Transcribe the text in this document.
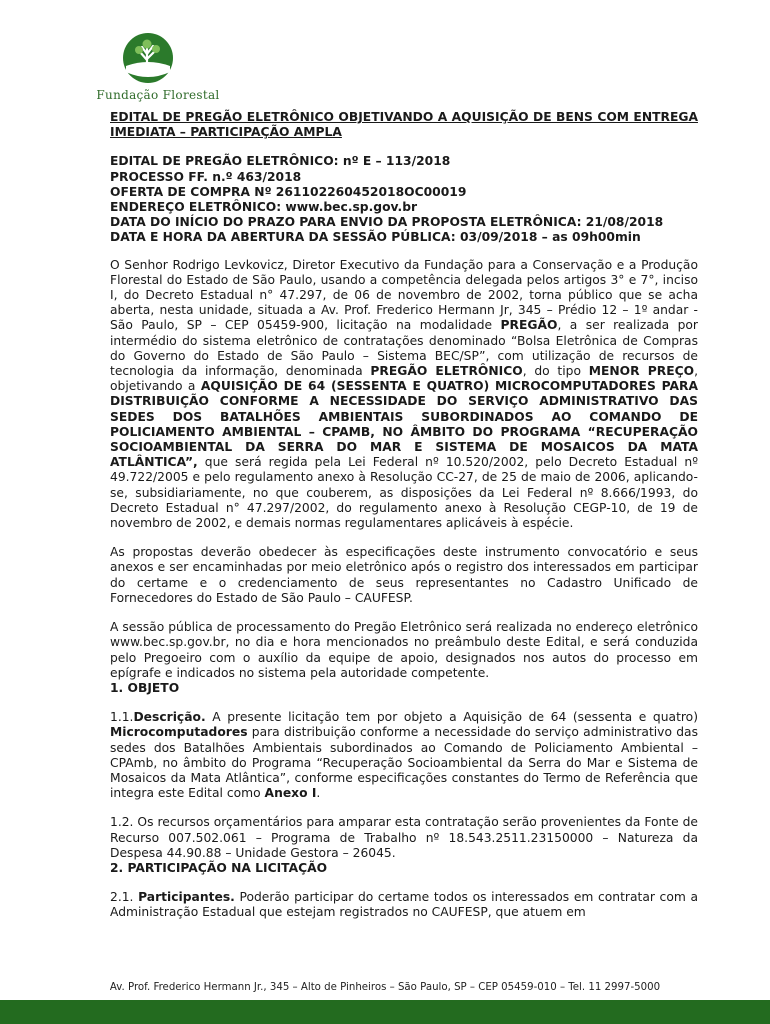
Fundação Florestal

EDITAL DE PREGÃO ELETRÔNICO OBJETIVANDO A AQUISIÇÃO DE BENS COM ENTREGA IMEDIATA – PARTICIPAÇÃO AMPLA

EDITAL DE PREGÃO ELETRÔNICO: nº E – 113/2018
PROCESSO FF. n.º 463/2018
OFERTA DE COMPRA Nº 261102260452018OC00019
ENDEREÇO ELETRÔNICO: www.bec.sp.gov.br
DATA DO INÍCIO DO PRAZO PARA ENVIO DA PROPOSTA ELETRÔNICA: 21/08/2018
DATA E HORA DA ABERTURA DA SESSÃO PÚBLICA: 03/09/2018 – as 09h00min

O Senhor Rodrigo Levkovicz, Diretor Executivo da Fundação para a Conservação e a Produção Florestal do Estado de São Paulo, usando a competência delegada pelos artigos 3° e 7°, inciso I, do Decreto Estadual n° 47.297, de 06 de novembro de 2002, torna público que se acha aberta, nesta unidade, situada a Av. Prof. Frederico Hermann Jr, 345 – Prédio 12 – 1º andar - São Paulo, SP – CEP 05459-900, licitação na modalidade PREGÃO, a ser realizada por intermédio do sistema eletrônico de contratações denominado “Bolsa Eletrônica de Compras do Governo do Estado de São Paulo – Sistema BEC/SP”, com utilização de recursos de tecnologia da informação, denominada PREGÃO ELETRÔNICO, do tipo MENOR PREÇO, objetivando a AQUISIÇÃO DE 64 (SESSENTA E QUATRO) MICROCOMPUTADORES PARA DISTRIBUIÇÃO CONFORME A NECESSIDADE DO SERVIÇO ADMINISTRATIVO DAS SEDES DOS BATALHÕES AMBIENTAIS SUBORDINADOS AO COMANDO DE POLICIAMENTO AMBIENTAL – CPAMB, NO ÂMBITO DO PROGRAMA “RECUPERAÇÃO SOCIOAMBIENTAL DA SERRA DO MAR E SISTEMA DE MOSAICOS DA MATA ATLÂNTICA”, que será regida pela Lei Federal nº 10.520/2002, pelo Decreto Estadual nº 49.722/2005 e pelo regulamento anexo à Resolução CC-27, de 25 de maio de 2006, aplicando-se, subsidiariamente, no que couberem, as disposições da Lei Federal nº 8.666/1993, do Decreto Estadual n° 47.297/2002, do regulamento anexo à Resolução CEGP-10, de 19 de novembro de 2002, e demais normas regulamentares aplicáveis à espécie.

As propostas deverão obedecer às especificações deste instrumento convocatório e seus anexos e ser encaminhadas por meio eletrônico após o registro dos interessados em participar do certame e o credenciamento de seus representantes no Cadastro Unificado de Fornecedores do Estado de São Paulo – CAUFESP.

A sessão pública de processamento do Pregão Eletrônico será realizada no endereço eletrônico www.bec.sp.gov.br, no dia e hora mencionados no preâmbulo deste Edital, e será conduzida pelo Pregoeiro com o auxílio da equipe de apoio, designados nos autos do processo em epígrafe e indicados no sistema pela autoridade competente.

1. OBJETO

1.1.Descrição. A presente licitação tem por objeto a Aquisição de 64 (sessenta e quatro) Microcomputadores para distribuição conforme a necessidade do serviço administrativo das sedes dos Batalhões Ambientais subordinados ao Comando de Policiamento Ambiental – CPAmb, no âmbito do Programa “Recuperação Socioambiental da Serra do Mar e Sistema de Mosaicos da Mata Atlântica”, conforme especificações constantes do Termo de Referência que integra este Edital como Anexo I.

1.2. Os recursos orçamentários para amparar esta contratação serão provenientes da Fonte de Recurso 007.502.061 – Programa de Trabalho nº 18.543.2511.23150000 – Natureza da Despesa 44.90.88 – Unidade Gestora – 26045.

2. PARTICIPAÇÃO NA LICITAÇÃO

2.1. Participantes. Poderão participar do certame todos os interessados em contratar com a Administração Estadual que estejam registrados no CAUFESP, que atuem em

Av. Prof. Frederico Hermann Jr., 345 – Alto de Pinheiros – São Paulo, SP – CEP 05459-010 – Tel. 11 2997-5000
